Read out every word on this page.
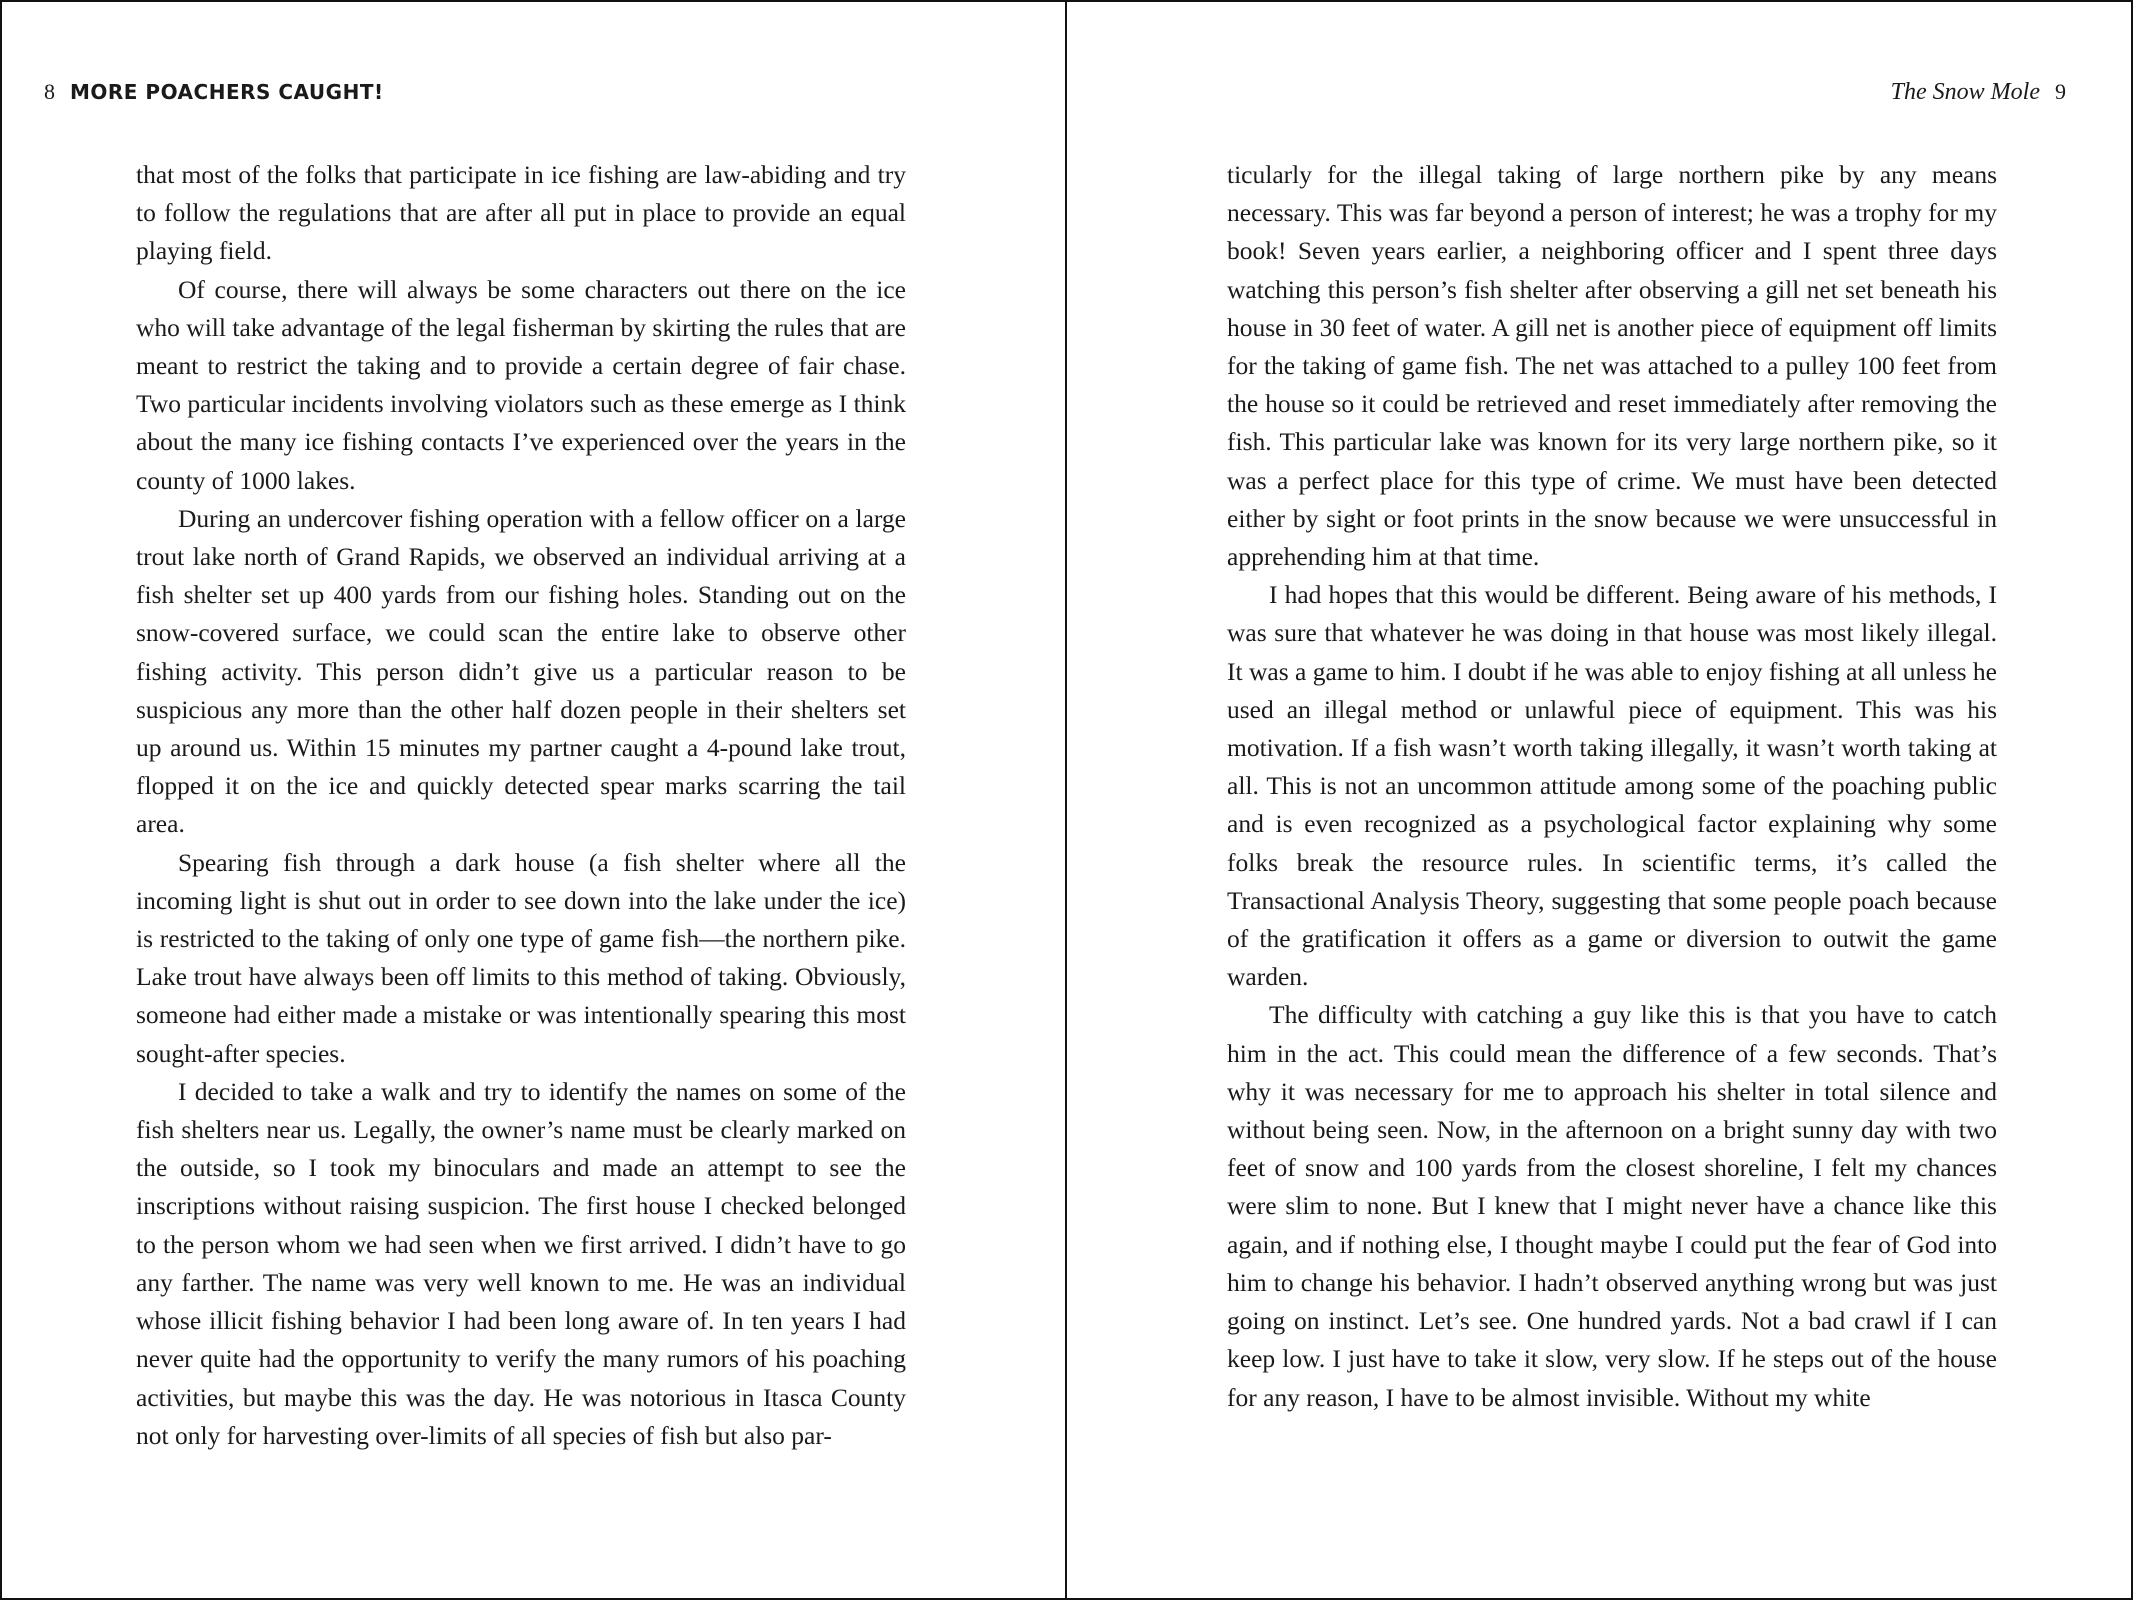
8 MORE POACHERS CAUGHT!

that most of the folks that participate in ice fishing are law-abiding and try to follow the regulations that are after all put in place to provide an equal playing field.

Of course, there will always be some characters out there on the ice who will take advantage of the legal fisherman by skirting the rules that are meant to restrict the taking and to provide a certain degree of fair chase. Two particular incidents involving violators such as these emerge as I think about the many ice fishing contacts I’ve experienced over the years in the county of 1000 lakes.

During an undercover fishing operation with a fellow officer on a large trout lake north of Grand Rapids, we observed an individual arriving at a fish shelter set up 400 yards from our fishing holes. Standing out on the snow-covered surface, we could scan the entire lake to observe other fishing activity. This person didn’t give us a particular reason to be suspicious any more than the other half dozen people in their shelters set up around us. Within 15 minutes my partner caught a 4-pound lake trout, flopped it on the ice and quickly detected spear marks scarring the tail area.

Spearing fish through a dark house (a fish shelter where all the incoming light is shut out in order to see down into the lake under the ice) is restricted to the taking of only one type of game fish—the northern pike. Lake trout have always been off limits to this method of taking. Obviously, someone had either made a mistake or was intentionally spearing this most sought-after species.

I decided to take a walk and try to identify the names on some of the fish shelters near us. Legally, the owner’s name must be clearly marked on the outside, so I took my binoculars and made an attempt to see the inscriptions without raising suspicion. The first house I checked belonged to the person whom we had seen when we first arrived. I didn’t have to go any farther. The name was very well known to me. He was an individual whose illicit fishing behavior I had been long aware of. In ten years I had never quite had the opportunity to verify the many rumors of his poaching activities, but maybe this was the day. He was notorious in Itasca County not only for harvesting over-limits of all species of fish but also par-

The Snow Mole 9

ticularly for the illegal taking of large northern pike by any means necessary. This was far beyond a person of interest; he was a trophy for my book! Seven years earlier, a neighboring officer and I spent three days watching this person’s fish shelter after observing a gill net set beneath his house in 30 feet of water. A gill net is another piece of equipment off limits for the taking of game fish. The net was attached to a pulley 100 feet from the house so it could be retrieved and reset immediately after removing the fish. This particular lake was known for its very large northern pike, so it was a perfect place for this type of crime. We must have been detected either by sight or foot prints in the snow because we were unsuccessful in apprehending him at that time.

I had hopes that this would be different. Being aware of his methods, I was sure that whatever he was doing in that house was most likely illegal. It was a game to him. I doubt if he was able to enjoy fishing at all unless he used an illegal method or unlawful piece of equipment. This was his motivation. If a fish wasn’t worth taking illegally, it wasn’t worth taking at all. This is not an uncommon attitude among some of the poaching public and is even recognized as a psychological factor explaining why some folks break the resource rules. In scientific terms, it’s called the Transactional Analysis Theory, suggesting that some people poach because of the gratification it offers as a game or diversion to outwit the game warden.

The difficulty with catching a guy like this is that you have to catch him in the act. This could mean the difference of a few seconds. That’s why it was necessary for me to approach his shelter in total silence and without being seen. Now, in the afternoon on a bright sunny day with two feet of snow and 100 yards from the closest shoreline, I felt my chances were slim to none. But I knew that I might never have a chance like this again, and if nothing else, I thought maybe I could put the fear of God into him to change his behavior. I hadn’t observed anything wrong but was just going on instinct. Let’s see. One hundred yards. Not a bad crawl if I can keep low. I just have to take it slow, very slow. If he steps out of the house for any reason, I have to be almost invisible. Without my white
